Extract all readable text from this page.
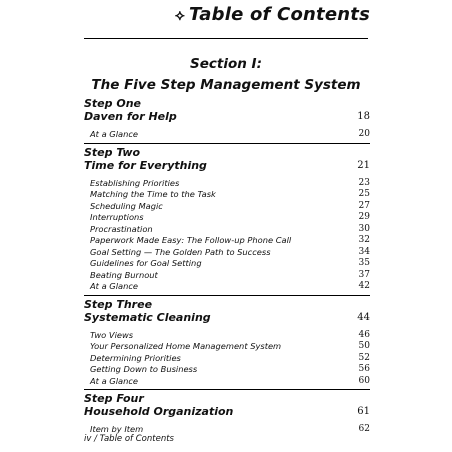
⟡ Table of Contents
Section I:
The Five Step Management System
Step One
Daven for Help	18
At a Glance	20
Step Two
Time for Everything	21
Establishing Priorities	23
Matching the Time to the Task	25
Scheduling Magic	27
Interruptions	29
Procrastination	30
Paperwork Made Easy: The Follow-up Phone Call	32
Goal Setting — The Golden Path to Success	34
Guidelines for Goal Setting	35
Beating Burnout	37
At a Glance	42
Step Three
Systematic Cleaning	44
Two Views	46
Your Personalized Home Management System	50
Determining Priorities	52
Getting Down to Business	56
At a Glance	60
Step Four
Household Organization	61
Item by Item	62
iv / Table of Contents
